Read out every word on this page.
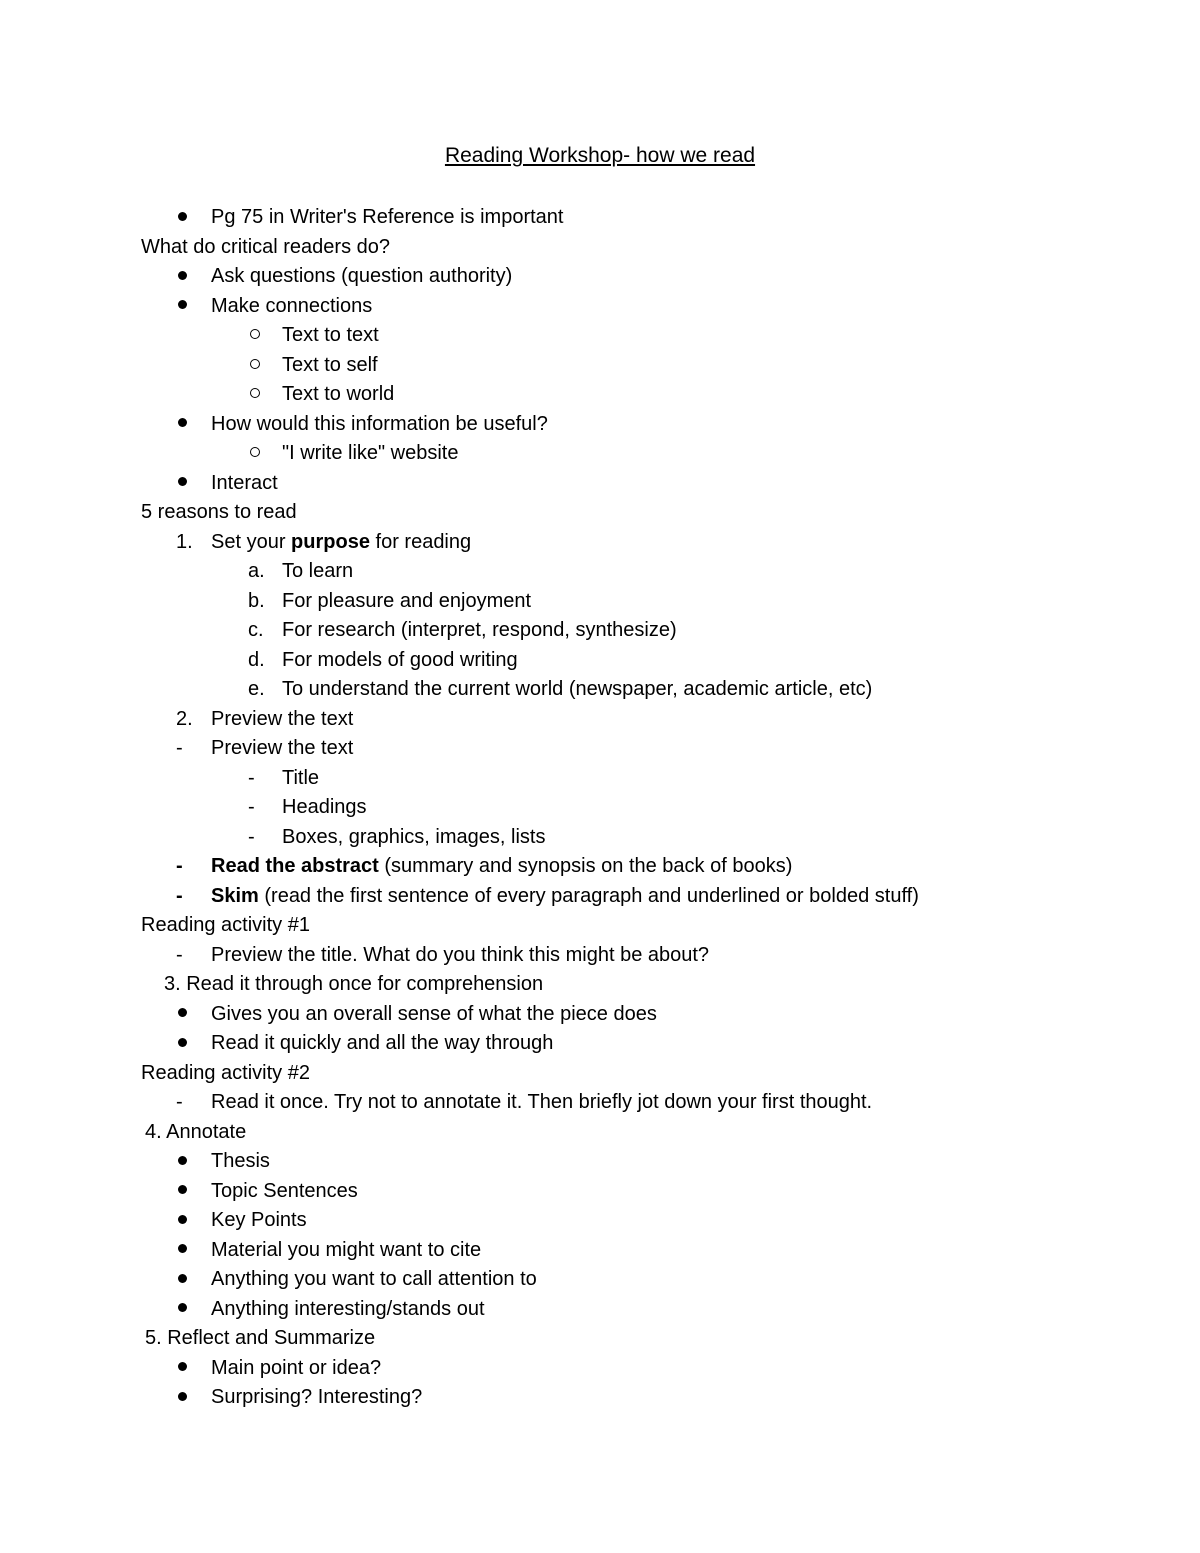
Reading Workshop- how we read
Pg 75 in Writer's Reference is important
What do critical readers do?
Ask questions (question authority)
Make connections
Text to text
Text to self
Text to world
How would this information be useful?
"I write like" website
Interact
5 reasons to read
1. Set your purpose for reading
a. To learn
b. For pleasure and enjoyment
c. For research (interpret, respond, synthesize)
d. For models of good writing
e. To understand the current world (newspaper, academic article, etc)
2. Preview the text
-	Preview the text
-	Title
-	Headings
-	Boxes, graphics, images, lists
-	Read the abstract (summary and synopsis on the back of books)
-	Skim (read the first sentence of every paragraph and underlined or bolded stuff)
Reading activity #1
-	Preview the title. What do you think this might be about?
3. Read it through once for comprehension
Gives you an overall sense of what the piece does
Read it quickly and all the way through
Reading activity #2
-	Read it once. Try not to annotate it. Then briefly jot down your first thought.
4. Annotate
Thesis
Topic Sentences
Key Points
Material you might want to cite
Anything you want to call attention to
Anything interesting/stands out
5. Reflect and Summarize
Main point or idea?
Surprising? Interesting?
